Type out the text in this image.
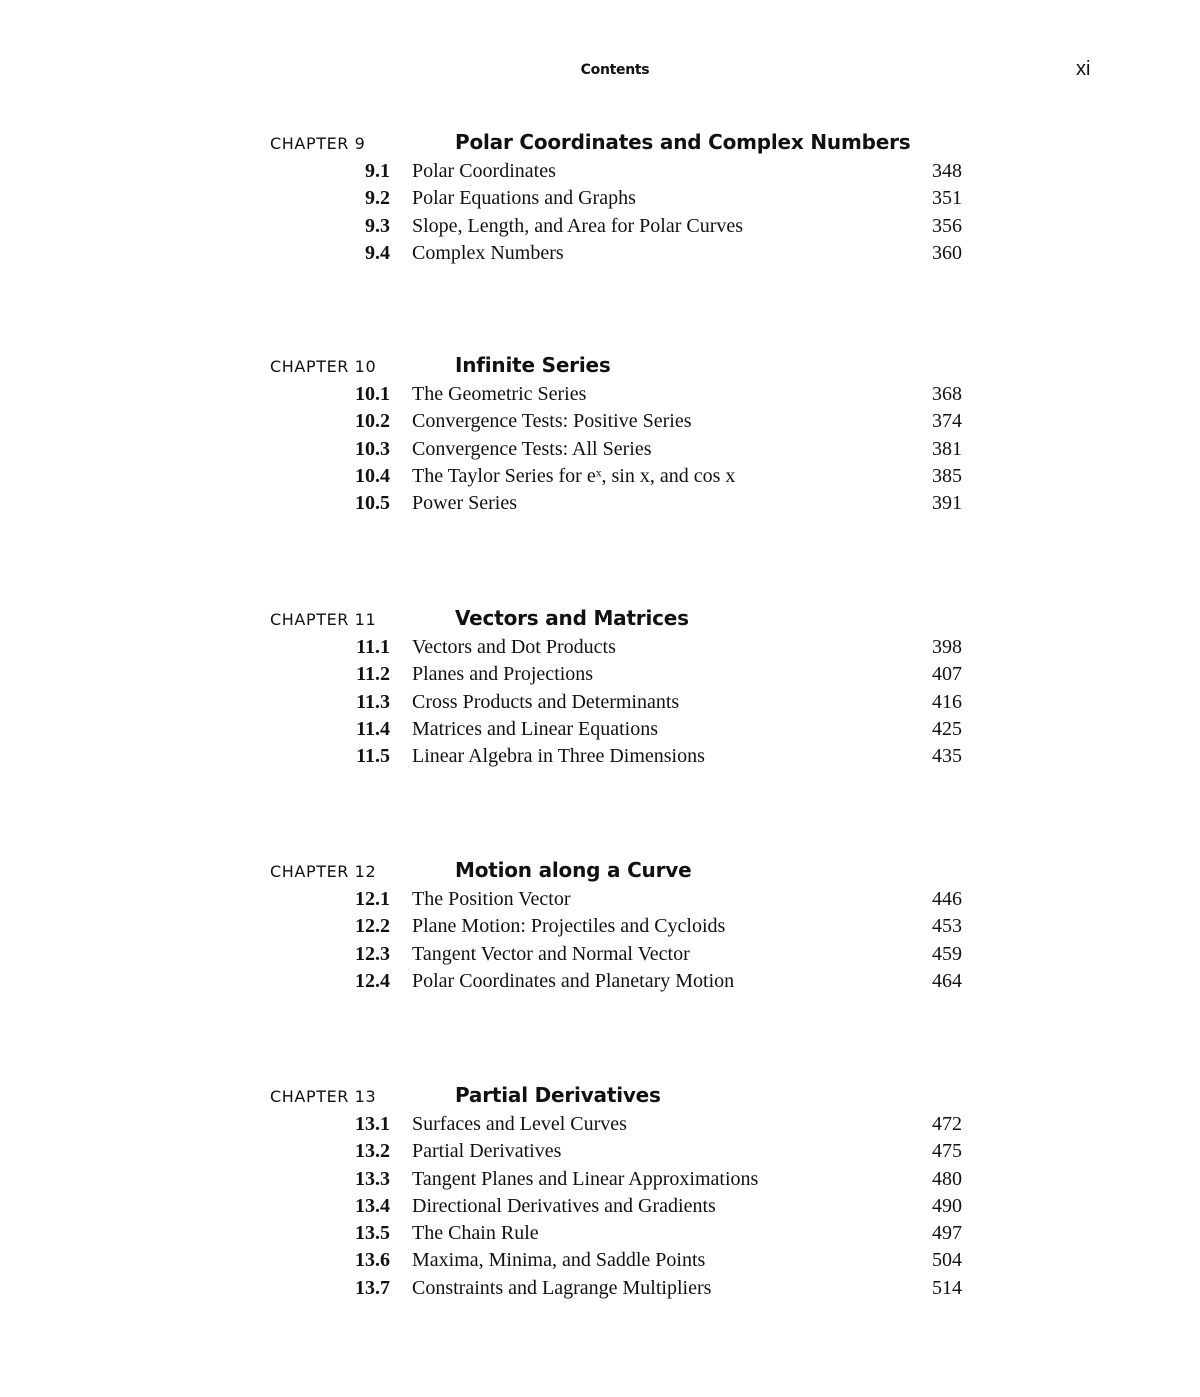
Contents	xi
CHAPTER 9	Polar Coordinates and Complex Numbers
9.1 Polar Coordinates	348
9.2 Polar Equations and Graphs	351
9.3 Slope, Length, and Area for Polar Curves	356
9.4 Complex Numbers	360
CHAPTER 10	Infinite Series
10.1 The Geometric Series	368
10.2 Convergence Tests: Positive Series	374
10.3 Convergence Tests: All Series	381
10.4 The Taylor Series for eˣ, sin x, and cos x	385
10.5 Power Series	391
CHAPTER 11	Vectors and Matrices
11.1 Vectors and Dot Products	398
11.2 Planes and Projections	407
11.3 Cross Products and Determinants	416
11.4 Matrices and Linear Equations	425
11.5 Linear Algebra in Three Dimensions	435
CHAPTER 12	Motion along a Curve
12.1 The Position Vector	446
12.2 Plane Motion: Projectiles and Cycloids	453
12.3 Tangent Vector and Normal Vector	459
12.4 Polar Coordinates and Planetary Motion	464
CHAPTER 13	Partial Derivatives
13.1 Surfaces and Level Curves	472
13.2 Partial Derivatives	475
13.3 Tangent Planes and Linear Approximations	480
13.4 Directional Derivatives and Gradients	490
13.5 The Chain Rule	497
13.6 Maxima, Minima, and Saddle Points	504
13.7 Constraints and Lagrange Multipliers	514
